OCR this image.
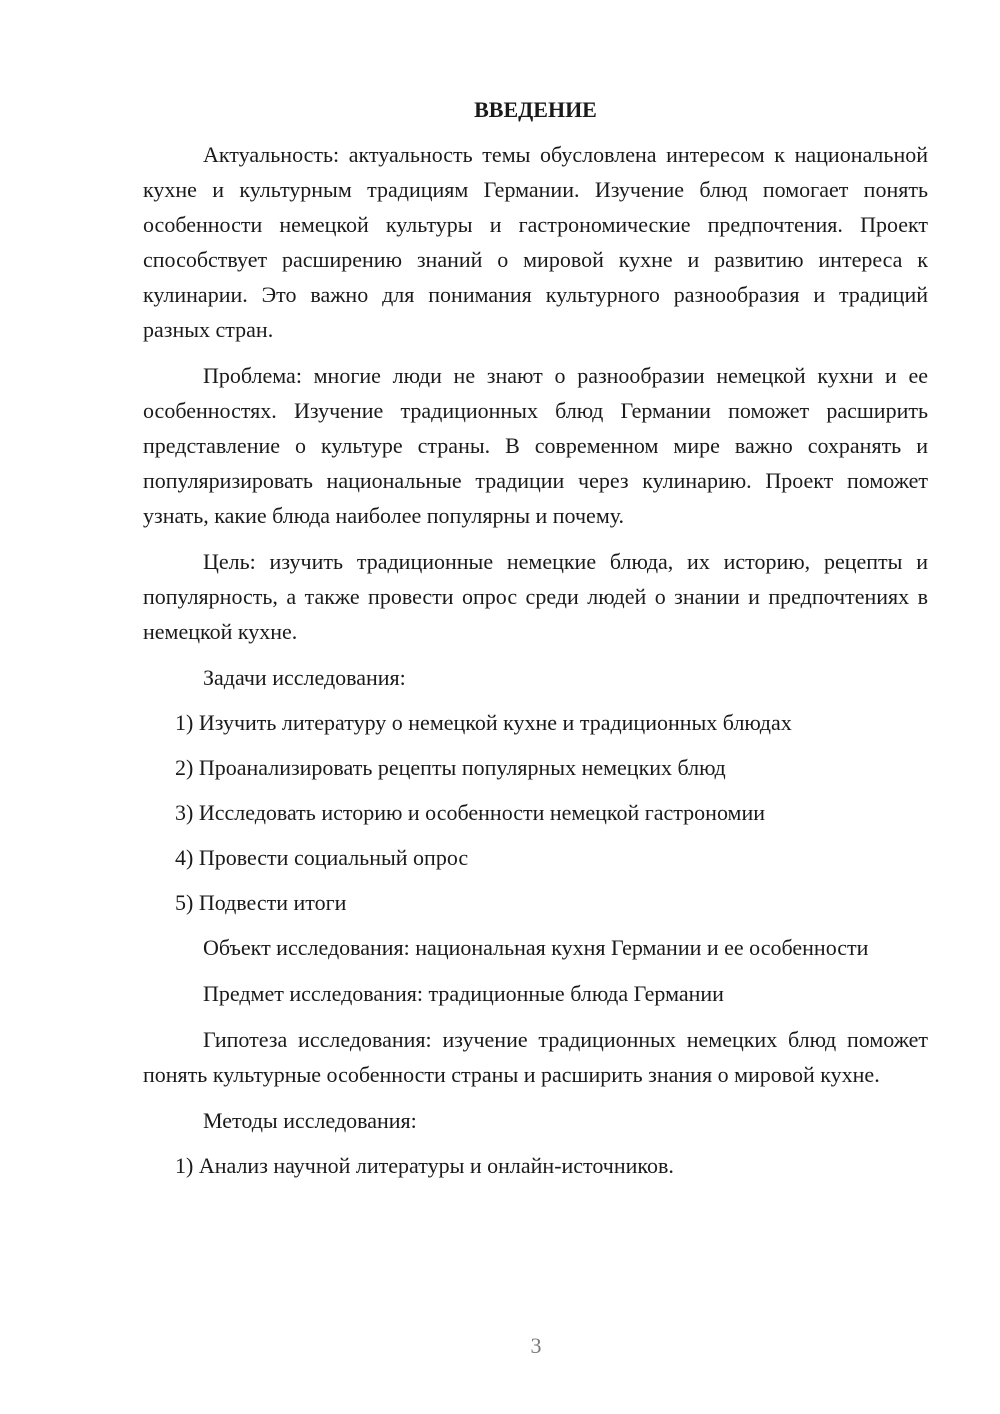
ВВЕДЕНИЕ

Актуальность: актуальность темы обусловлена интересом к национальной кухне и культурным традициям Германии. Изучение блюд помогает понять особенности немецкой культуры и гастрономические предпочтения. Проект способствует расширению знаний о мировой кухне и развитию интереса к кулинарии. Это важно для понимания культурного разнообразия и традиций разных стран.

Проблема: многие люди не знают о разнообразии немецкой кухни и ее особенностях. Изучение традиционных блюд Германии поможет расширить представление о культуре страны. В современном мире важно сохранять и популяризировать национальные традиции через кулинарию. Проект поможет узнать, какие блюда наиболее популярны и почему.

Цель: изучить традиционные немецкие блюда, их историю, рецепты и популярность, а также провести опрос среди людей о знании и предпочтениях в немецкой кухне.

Задачи исследования:

1) Изучить литературу о немецкой кухне и традиционных блюдах
2) Проанализировать рецепты популярных немецких блюд
3) Исследовать историю и особенности немецкой гастрономии
4) Провести социальный опрос
5) Подвести итоги

Объект исследования: национальная кухня Германии и ее особенности

Предмет исследования: традиционные блюда Германии

Гипотеза исследования: изучение традиционных немецких блюд поможет понять культурные особенности страны и расширить знания о мировой кухне.

Методы исследования:

1) Анализ научной литературы и онлайн-источников.
3
